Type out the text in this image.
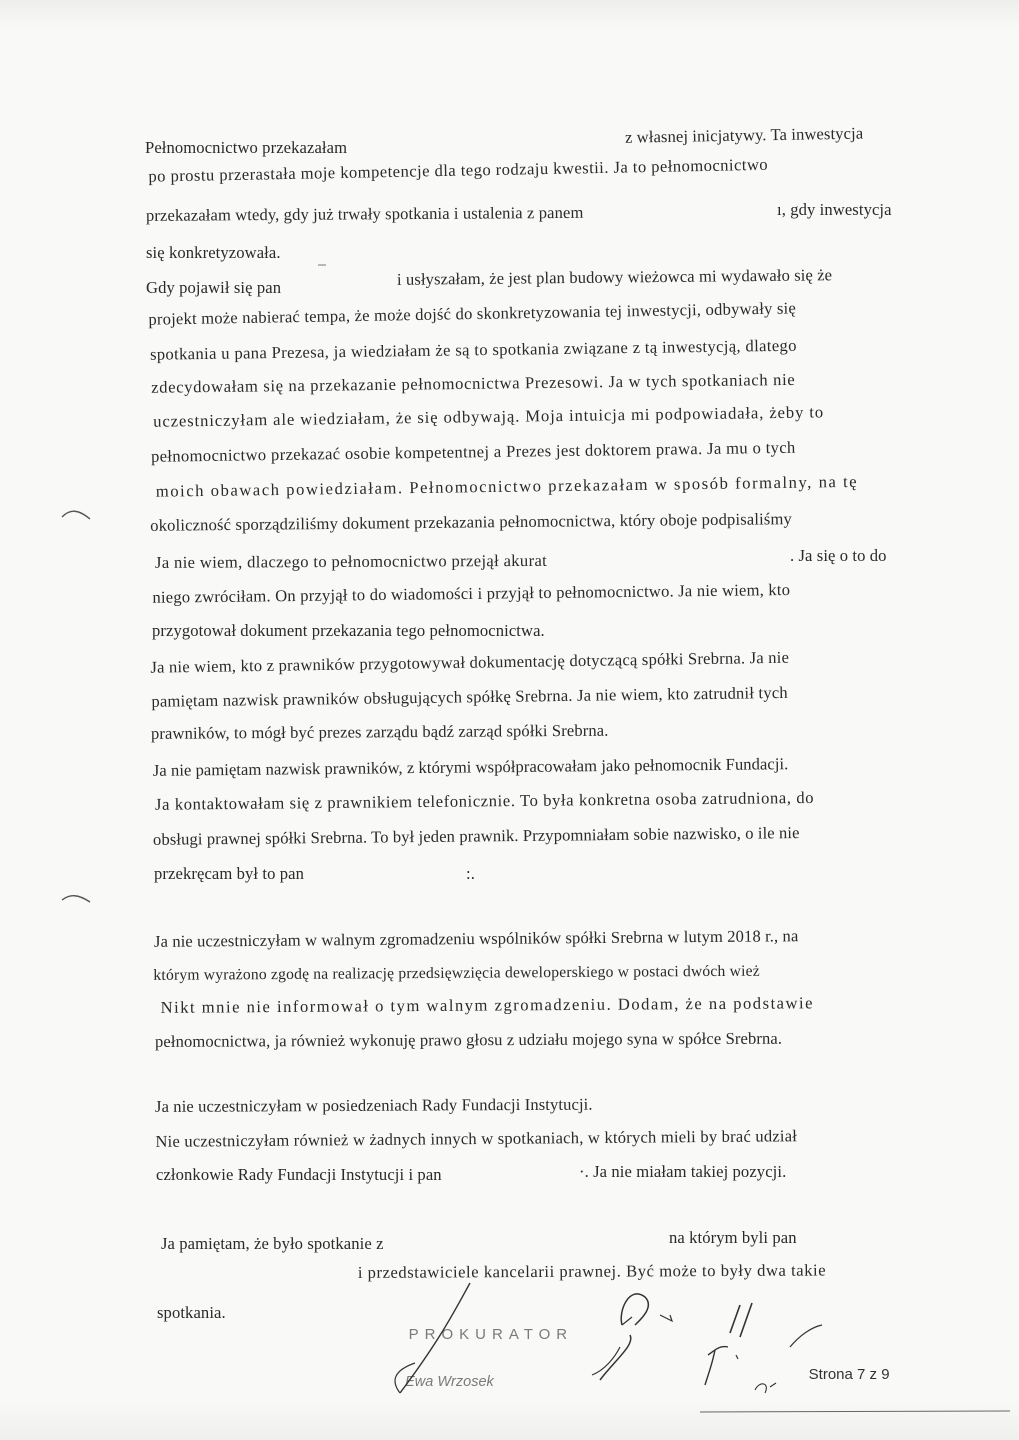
Pełnomocnictwo przekazałam

z własnej inicjatywy. Ta inwestycja

po prostu przerastała moje kompetencje dla tego rodzaju kwestii. Ja to pełnomocnictwo

przekazałam wtedy, gdy już trwały spotkania i ustalenia z panem
	ı, gdy inwestycja

się konkretyzowała.

Gdy pojawił się pan
	i usłyszałam, że jest plan budowy wieżowca mi wydawało się że

projekt może nabierać tempa, że może dojść do skonkretyzowania tej inwestycji, odbywały się

spotkania u pana Prezesa, ja wiedziałam że są to spotkania związane z tą inwestycją, dlatego

zdecydowałam się na przekazanie pełnomocnictwa Prezesowi. Ja w tych spotkaniach nie

uczestniczyłam ale wiedziałam, że się odbywają. Moja intuicja mi podpowiadała, żeby to

pełnomocnictwo przekazać osobie kompetentnej a Prezes jest doktorem prawa. Ja mu o tych

moich obawach powiedziałam. Pełnomocnictwo przekazałam w sposób formalny, na tę

okoliczność sporządziliśmy dokument przekazania pełnomocnictwa, który oboje podpisaliśmy

Ja nie wiem, dlaczego to pełnomocnictwo przejął akurat
	. Ja się o to do

niego zwróciłam. On przyjął to do wiadomości i przyjął to pełnomocnictwo. Ja nie wiem, kto

przygotował dokument przekazania tego pełnomocnictwa.

Ja nie wiem, kto z prawników przygotowywał dokumentację dotyczącą spółki Srebrna. Ja nie

pamiętam nazwisk prawników obsługujących spółkę Srebrna. Ja nie wiem, kto zatrudnił tych

prawników, to mógł być prezes zarządu bądź zarząd spółki Srebrna.

Ja nie pamiętam nazwisk prawników, z którymi współpracowałam jako pełnomocnik Fundacji.

Ja kontaktowałam się z prawnikiem telefonicznie. To była konkretna osoba zatrudniona, do

obsługi prawnej spółki Srebrna. To był jeden prawnik. Przypomniałam sobie nazwisko, o ile nie

przekręcam był to pan
	:.

Ja nie uczestniczyłam w walnym zgromadzeniu wspólników spółki Srebrna w lutym 2018 r., na

którym wyrażono zgodę na realizację przedsięwzięcia deweloperskiego w postaci dwóch wież

Nikt mnie nie informował o tym walnym zgromadzeniu. Dodam, że na podstawie

pełnomocnictwa, ja również wykonuję prawo głosu z udziału mojego syna w spółce Srebrna.

Ja nie uczestniczyłam w posiedzeniach Rady Fundacji Instytucji.

Nie uczestniczyłam również w żadnych innych w spotkaniach, w których mieli by brać udział

członkowie Rady Fundacji Instytucji i pan
	·. Ja nie miałam takiej pozycji.

Ja pamiętam, że było spotkanie z
	na którym byli pan

i przedstawiciele kancelarii prawnej. Być może to były dwa takie

spotkania.

PROKURATOR

Ewa Wrzosek
	Strona 7 z 9
